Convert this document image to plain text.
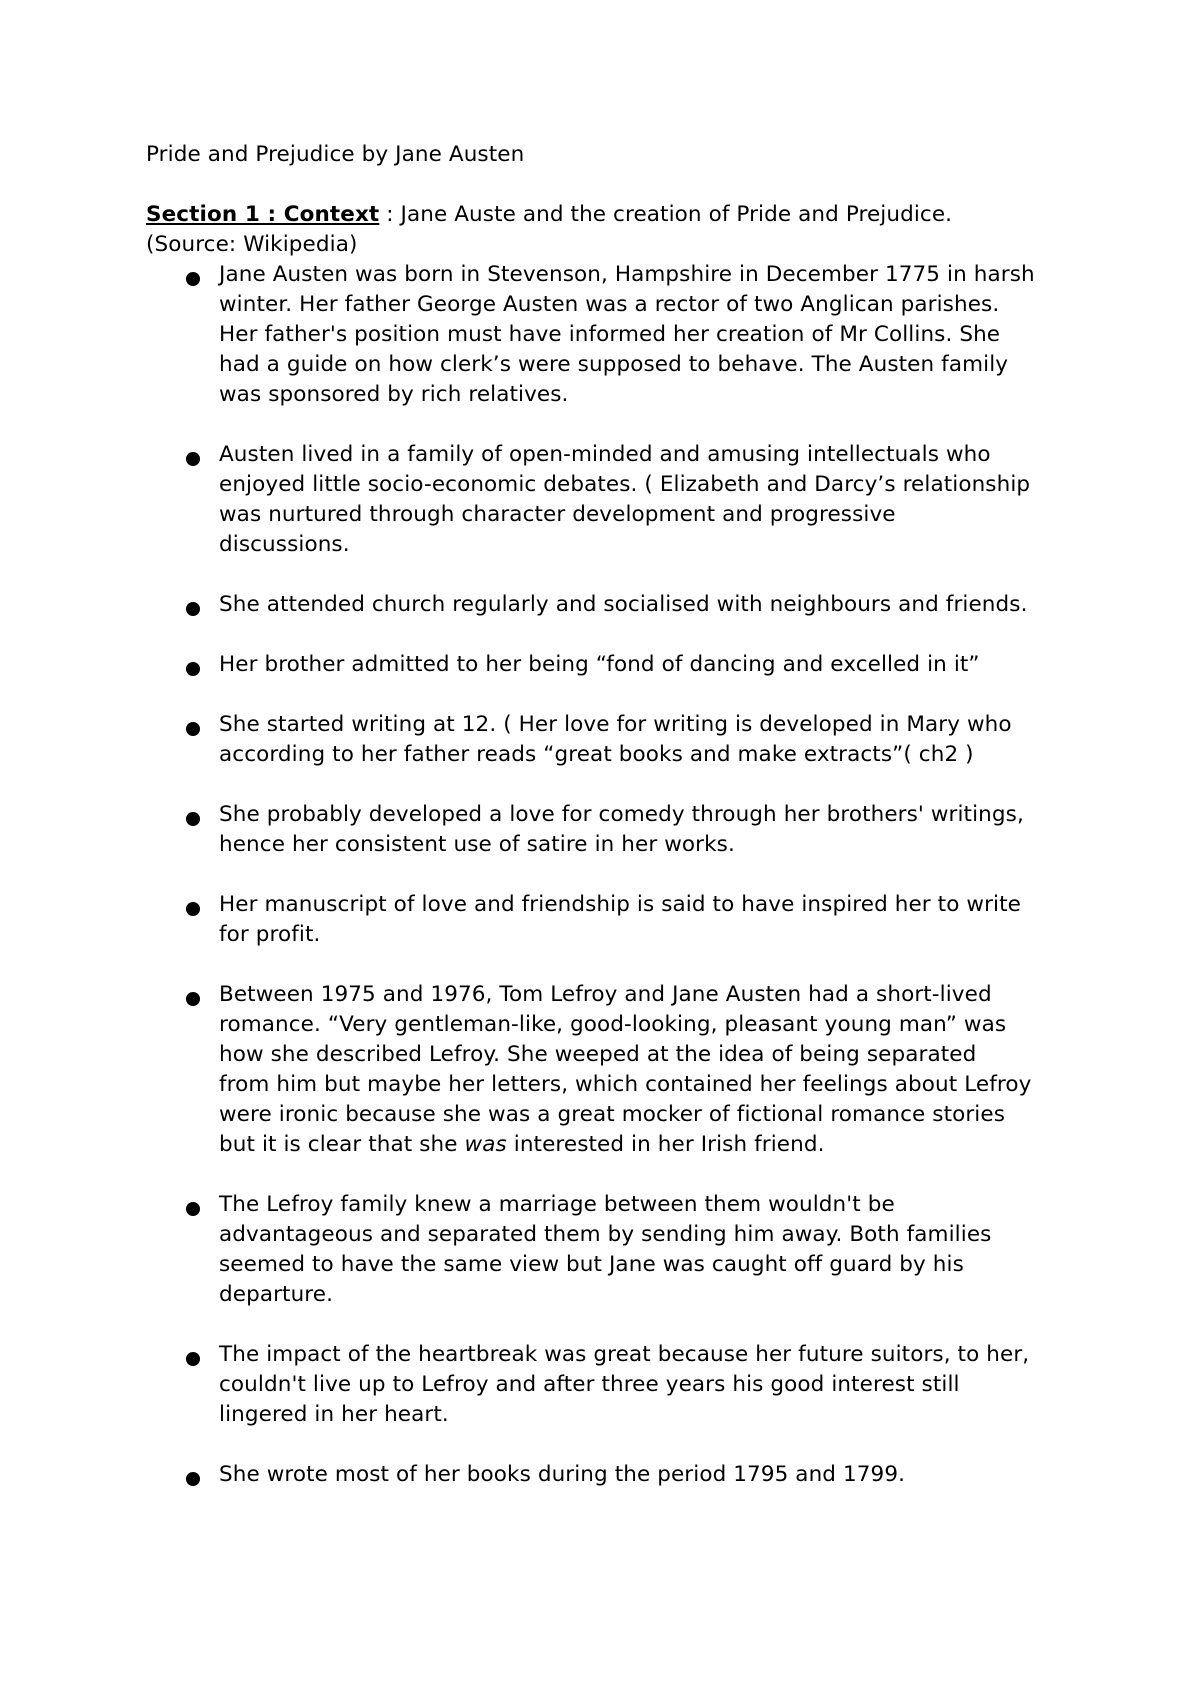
Pride and Prejudice by Jane Austen

Section 1 : Context : Jane Auste and the creation of Pride and Prejudice.

(Source: Wikipedia)

Jane Austen was born in Stevenson, Hampshire in December 1775 in harsh
winter. Her father George Austen was a rector of two Anglican parishes.
Her father's position must have informed her creation of Mr Collins. She
had a guide on how clerk’s were supposed to behave. The Austen family
was sponsored by rich relatives.
Austen lived in a family of open-minded and amusing intellectuals who
enjoyed little socio-economic debates. ( Elizabeth and Darcy’s relationship
was nurtured through character development and progressive
discussions.
She attended church regularly and socialised with neighbours and friends.
Her brother admitted to her being “fond of dancing and excelled in it”
She started writing at 12. ( Her love for writing is developed in Mary who
according to her father reads “great books and make extracts”( ch2 )
She probably developed a love for comedy through her brothers' writings,
hence her consistent use of satire in her works.
Her manuscript of love and friendship is said to have inspired her to write
for profit.
Between 1975 and 1976, Tom Lefroy and Jane Austen had a short-lived
romance. “Very gentleman-like, good-looking, pleasant young man” was
how she described Lefroy. She weeped at the idea of being separated
from him but maybe her letters, which contained her feelings about Lefroy
were ironic because she was a great mocker of fictional romance stories
but it is clear that she was interested in her Irish friend.
The Lefroy family knew a marriage between them wouldn't be
advantageous and separated them by sending him away. Both families
seemed to have the same view but Jane was caught off guard by his
departure.
The impact of the heartbreak was great because her future suitors, to her,
couldn't live up to Lefroy and after three years his good interest still
lingered in her heart.
She wrote most of her books during the period 1795 and 1799.
